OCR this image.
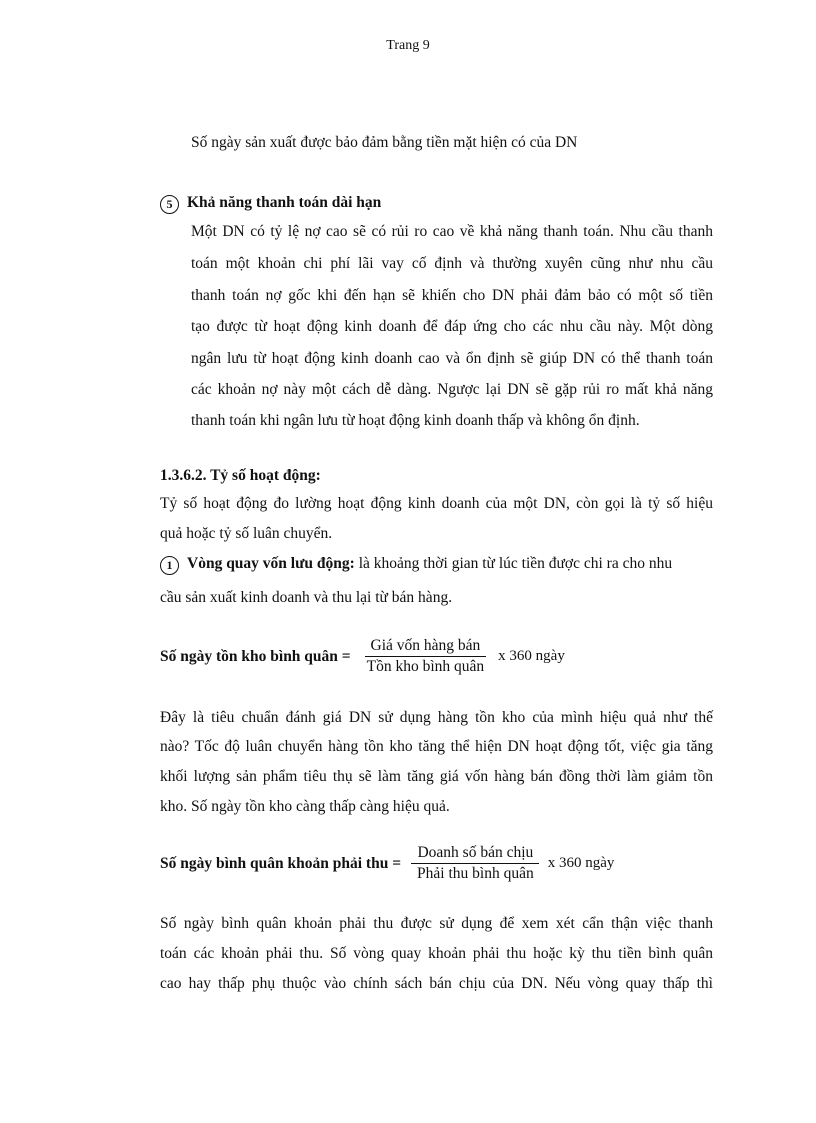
Trang 9
Số ngày sản xuất được bảo đảm bằng tiền mặt hiện có của DN
5 Khả năng thanh toán dài hạn
Một DN có tỷ lệ nợ cao sẽ có rủi ro cao về khả năng thanh toán. Nhu cầu thanh
toán một khoản chi phí lãi vay cố định và thường xuyên cũng như nhu cầu
thanh toán nợ gốc khi đến hạn sẽ khiến cho DN phải đảm bảo có một số tiền
tạo được từ hoạt động kinh doanh để đáp ứng cho các nhu cầu này. Một dòng
ngân lưu từ hoạt động kinh doanh cao và ổn định sẽ giúp DN có thể thanh toán
các khoản nợ này một cách dễ dàng. Ngược lại DN sẽ gặp rủi ro mất khả năng
thanh toán khi ngân lưu từ hoạt động kinh doanh thấp và không ổn định.
1.3.6.2. Tỷ số hoạt động:
Tỷ số hoạt động đo lường hoạt động kinh doanh của một DN, còn gọi là tỷ số hiệu
quả hoặc tỷ số luân chuyển.
1 Vòng quay vốn lưu động: là khoảng thời gian từ lúc tiền được chi ra cho nhu
cầu sản xuất kinh doanh và thu lại từ bán hàng.
Số ngày tồn kho bình quân = $\frac{\text{Giá vốn hàng bán}}{\text{Tồn kho bình quân}}$ x 360 ngày
Đây là tiêu chuẩn đánh giá DN sử dụng hàng tồn kho của mình hiệu quả như thế
nào? Tốc độ luân chuyển hàng tồn kho tăng thể hiện DN hoạt động tốt, việc gia tăng
khối lượng sản phẩm tiêu thụ sẽ làm tăng giá vốn hàng bán đồng thời làm giảm tồn
kho. Số ngày tồn kho càng thấp càng hiệu quả.
Số ngày bình quân khoản phải thu = $\frac{\text{Doanh số bán chịu}}{\text{Phải thu bình quân}}$ x 360 ngày
Số ngày bình quân khoản phải thu được sử dụng để xem xét cẩn thận việc thanh
toán các khoản phải thu. Số vòng quay khoản phải thu hoặc kỳ thu tiền bình quân
cao hay thấp phụ thuộc vào chính sách bán chịu của DN. Nếu vòng quay thấp thì
